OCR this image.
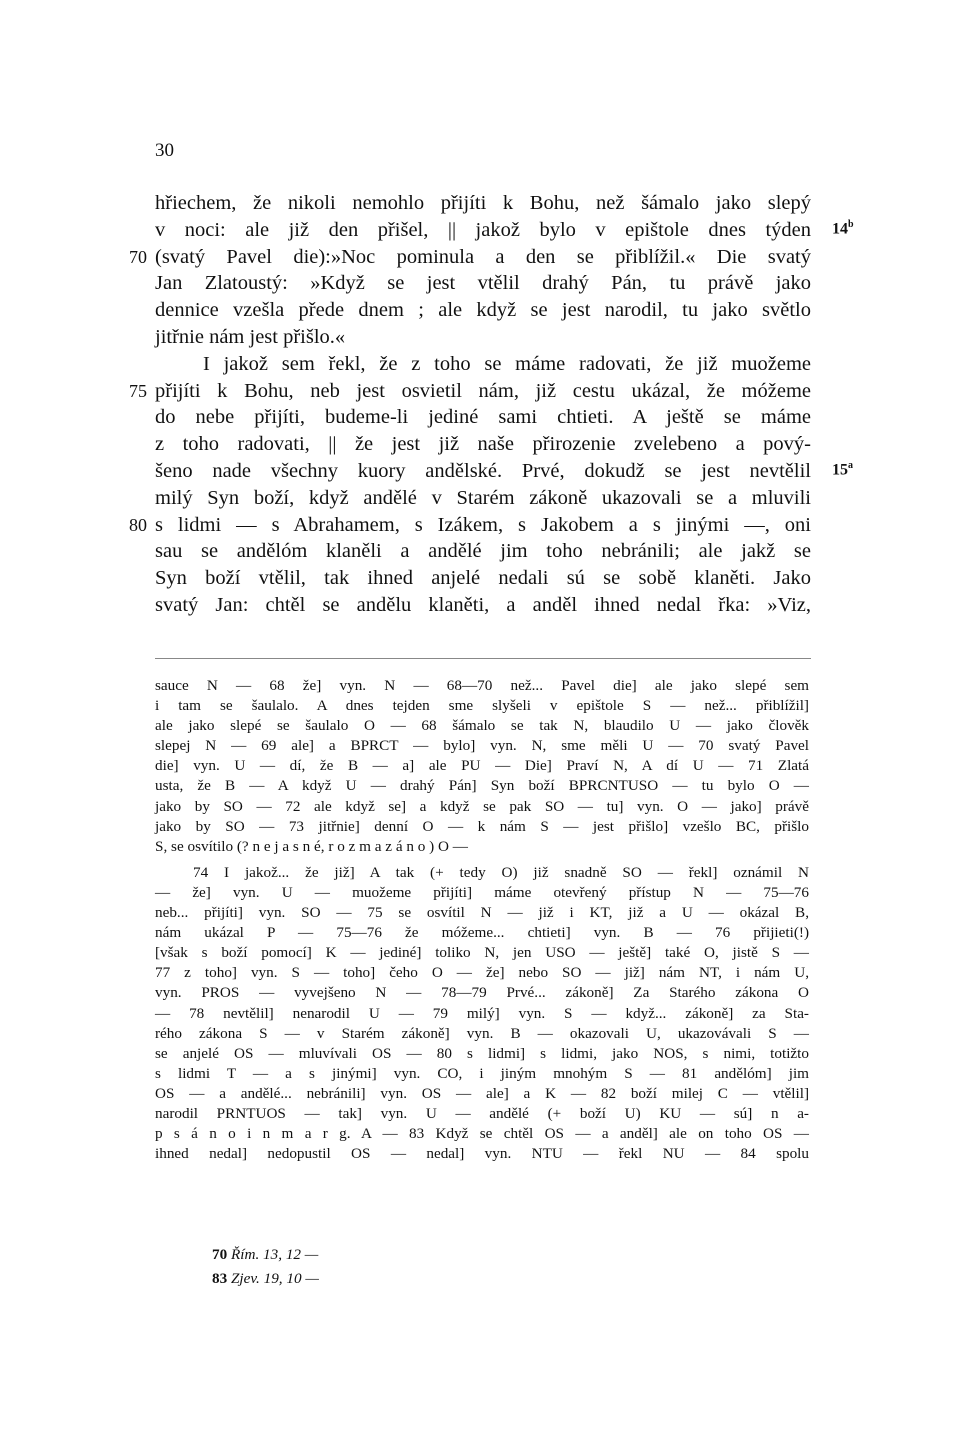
30
hřiechem, že nikoli nemohlo přijíti k Bohu, než šámalo jako slepý
v noci: ale již den přišel, || jakož bylo v epištole dnes týden
(svatý Pavel die):»Noc pominula a den se přiblížil.« Die svatý
Jan Zlatoustý: »Když se jest vtělil drahý Pán, tu právě jako
dennice vzešla přede dnem ; ale když se jest narodil, tu jako světlo
jitřnie nám jest přišlo.«
I jakož sem řekl, že z toho se máme radovati, že již muožeme
přijíti k Bohu, neb jest osvietil nám, již cestu ukázal, že móžeme
do nebe přijíti, budeme-li jediné sami chtieti. A ještě se máme
z toho radovati, || že jest již naše přirozenie zvelebeno a pový-
šeno nade všechny kuory andělské. Prvé, dokudž se jest nevtělil
milý Syn boží, když andělé v Starém zákoně ukazovali se a mluvili
s lidmi — s Abrahamem, s Izákem, s Jakobem a s jinými —, oni
sau se andělóm klaněli a andělé jim toho nebránili; ale jakž se
Syn boží vtělil, tak ihned anjelé nedali sú se sobě klaněti. Jako
svatý Jan: chtěl se andělu klaněti, a anděl ihned nedal řka: »Viz,
70
75
80
14$^b$
15$^a$
sauce N — 68 že] vyn. N — 68—70 než... Pavel die] ale jako slepé sem
i tam se šaulalo. A dnes tejden sme slyšeli v epištole S — než... přiblížil]
ale jako slepé se šaulalo O — 68 šámalo se tak N, blaudilo U — jako člověk
slepej N — 69 ale] a BPRCT — bylo] vyn. N, sme měli U — 70 svatý Pavel
die] vyn. U — dí, že B — a] ale PU — Die] Praví N, A dí U — 71 Zlatá
usta, že B — A když U — drahý Pán] Syn boží BPRCNTUSO — tu bylo O —
jako by SO — 72 ale když se] a když se pak SO — tu] vyn. O — jako] právě
jako by SO — 73 jitřnie] denní O — k nám S — jest přišlo] vzešlo BC, přišlo
S, se osvítilo (? n e j a s n é, r o z m a z á n o ) O —
74 I jakož... že již] A tak (+ tedy O) již snadně SO — řekl] oznámil N
— že] vyn. U — muožeme přijíti] máme otevřený přístup N — 75—76
neb... přijíti] vyn. SO — 75 se osvítil N — již i KT, již a U — okázal B,
nám ukázal P — 75—76 že móžeme... chtieti] vyn. B — 76 přijieti(!)
[však s boží pomocí] K — jediné] toliko N, jen USO — ještě] také O, jistě S —
77 z toho] vyn. S — toho] čeho O — že] nebo SO — již] nám NT, i nám U,
vyn. PROS — vyvejšeno N — 78—79 Prvé... zákoně] Za Starého zákona O
— 78 nevtělil] nenarodil U — 79 milý] vyn. S — když... zákoně] za Sta-
rého zákona S — v Starém zákoně] vyn. B — okazovali U, ukazovávali S —
se anjelé OS — mluvívali OS — 80 s lidmi] s lidmi, jako NOS, s nimi, totižto
s lidmi T — a s jinými] vyn. CO, i jiným mnohým S — 81 andělóm] jim
OS — a andělé... nebránili] vyn. OS — ale] a K — 82 boží milej C — vtělil]
narodil PRNTUOS — tak] vyn. U — andělé (+ boží U) KU — sú] n a-
p s á n o i n m a r g. A — 83 Když se chtěl OS — a anděl] ale on toho OS —
ihned nedal] nedopustil OS — nedal] vyn. NTU — řekl NU — 84 spolu
70 Řím. 13, 12 —
83 Zjev. 19, 10 —
